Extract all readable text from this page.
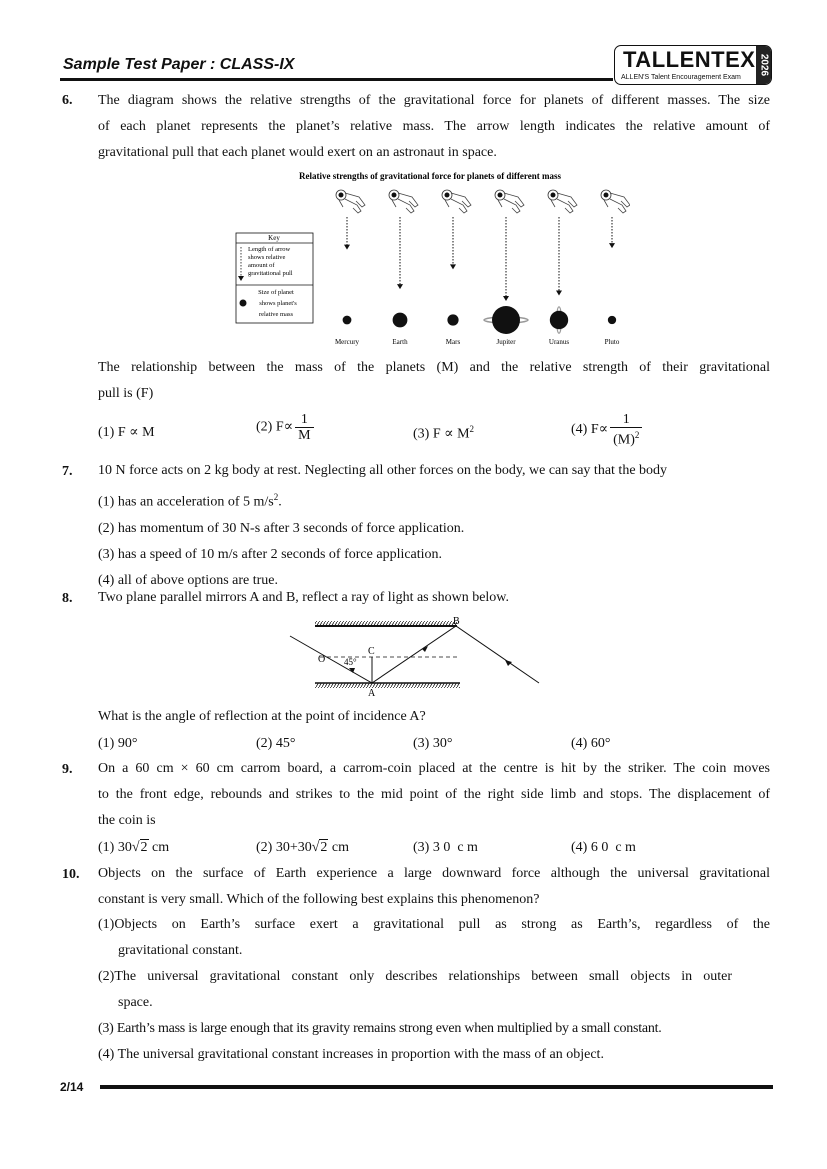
Sample Test Paper : CLASS-IX	TALLENTEX
ALLEN'S Talent Encouragement Exam
2026
6. The diagram shows the relative strengths of the gravitational force for planets of different masses. The size
of each planet represents the planet’s relative mass. The arrow length indicates the relative amount of
gravitational pull that each planet would exert on an astronaut in space.
Relative strengths of gravitational force for planets of different mass
Key
Length of arrow
shows relative
amount of
gravitational pull
Size of planet
shows planet's
relative mass
Mercury	Earth	Mars	Jupiter	Uranus	Pluto
The relationship between the mass of the planets (M) and the relative strength of their gravitational
pull is (F)
(1) F ∝ M	(2) $F\propto \frac{1}{M}$	(3) $F \propto M^2$	(4) $F\propto \frac{1}{(M)^2}$
7. 10 N force acts on 2 kg body at rest. Neglecting all other forces on the body, we can say that the body
(1) has an acceleration of 5 $m/s^2$.
(2) has momentum of 30 N-s after 3 seconds of force application.
(3) has a speed of 10 m/s after 2 seconds of force application.
(4) all of above options are true.
8. Two plane parallel mirrors A and B, reflect a ray of light as shown below.
A
B
C
O 45°
What is the angle of reflection at the point of incidence A?
(1) 90°	(2) 45°	(3) 30°	(4) 60°
9. On a 60 cm × 60 cm carrom board, a carrom-coin placed at the centre is hit by the striker. The coin moves
to the front edge, rebounds and strikes to the mid point of the right side limb and stops. The displacement of
the coin is
(1) 30√2 cm	(2) 30+30√2 cm	(3) 3 0  c m	(4) 6 0  c m
10. Objects on the surface of Earth experience a large downward force although the universal gravitational
constant is very small. Which of the following best explains this phenomenon?
(1)Objects on Earth’s surface exert a gravitational pull as strong as Earth’s, regardless of the
gravitational constant.
(2)The universal gravitational constant only describes relationships between small objects in outer
space.
(3) Earth’s mass is large enough that its gravity remains strong even when multiplied by a small constant.
(4) The universal gravitational constant increases in proportion with the mass of an object.
2/14
